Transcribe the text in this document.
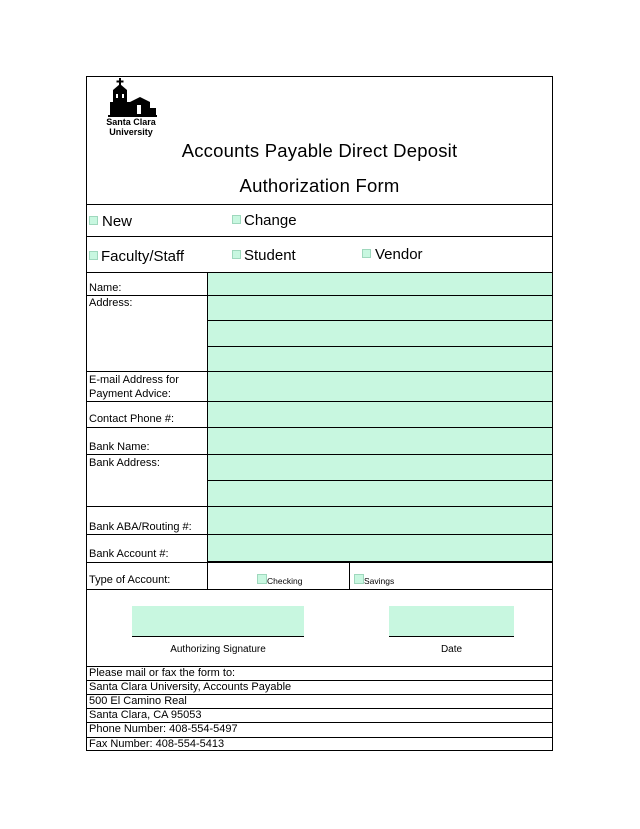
Santa Clara
University
Accounts Payable Direct Deposit
Authorization Form
New	Change
Faculty/Staff	Student	Vendor
Name:
Address:
E-mail Address for
Payment Advice:
Contact Phone #:
Bank Name:
Bank Address:
Bank ABA/Routing #:
Bank Account #:
Type of Account:	Checking	Savings
Authorizing Signature	Date
Please mail or fax the form to:
Santa Clara University, Accounts Payable
500 El Camino Real
Santa Clara, CA 95053
Phone Number: 408-554-5497
Fax Number: 408-554-5413
